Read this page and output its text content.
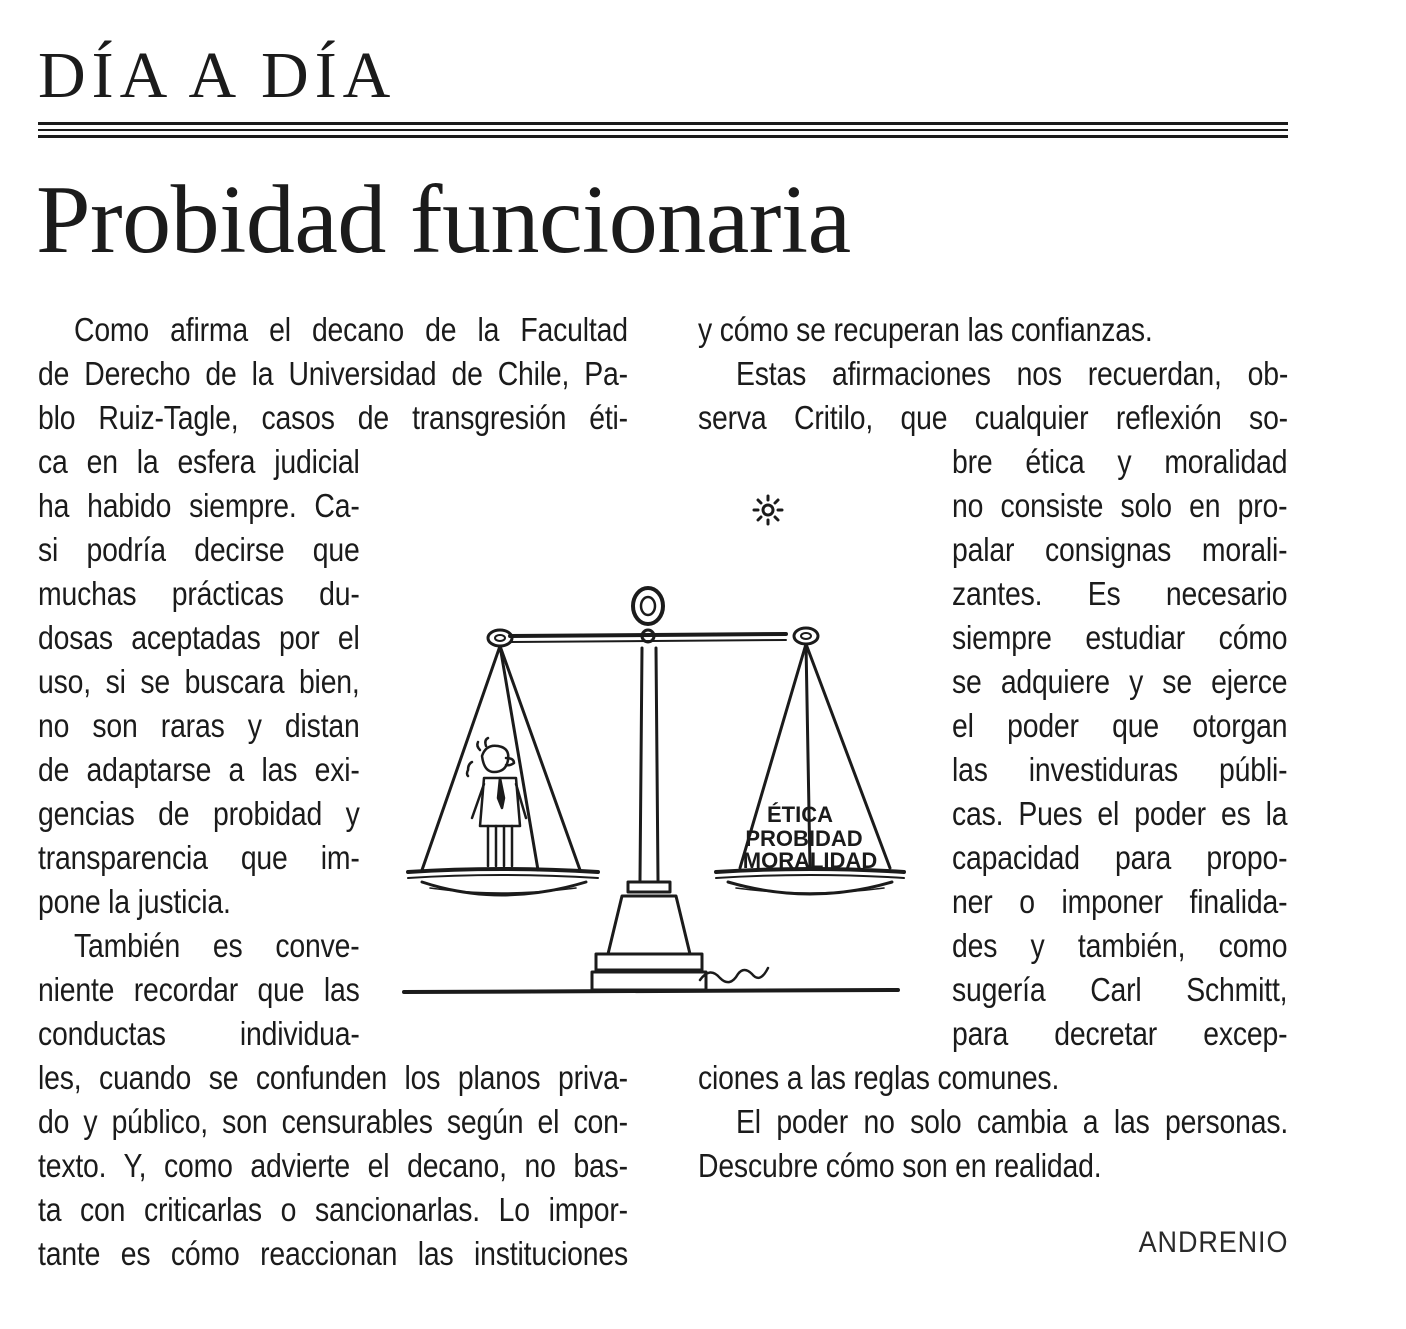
DÍA A DÍA
Probidad funcionaria
Como afirma el decano de la Facultad
de Derecho de la Universidad de Chile, Pa-
blo Ruiz-Tagle, casos de transgresión éti-
ca en la esfera judicial
ha habido siempre. Ca-
si podría decirse que
muchas prácticas du-
dosas aceptadas por el
uso, si se buscara bien,
no son raras y distan
de adaptarse a las exi-
gencias de probidad y
transparencia que im-
pone la justicia.
También es conve-
niente recordar que las
conductas individua-
les, cuando se confunden los planos priva-
do y público, son censurables según el con-
texto. Y, como advierte el decano, no bas-
ta con criticarlas o sancionarlas. Lo impor-
tante es cómo reaccionan las instituciones
y cómo se recuperan las confianzas.
Estas afirmaciones nos recuerdan, ob-
serva Critilo, que cualquier reflexión so-
bre ética y moralidad
no consiste solo en pro-
palar consignas morali-
zantes. Es necesario
siempre estudiar cómo
se adquiere y se ejerce
el poder que otorgan
las investiduras públi-
cas. Pues el poder es la
capacidad para propo-
ner o imponer finalida-
des y también, como
sugería Carl Schmitt,
para decretar excep-
ciones a las reglas comunes.
El poder no solo cambia a las personas.
Descubre cómo son en realidad.
ÉTICA
PROBIDAD
MORALIDAD
ANDRENIO
